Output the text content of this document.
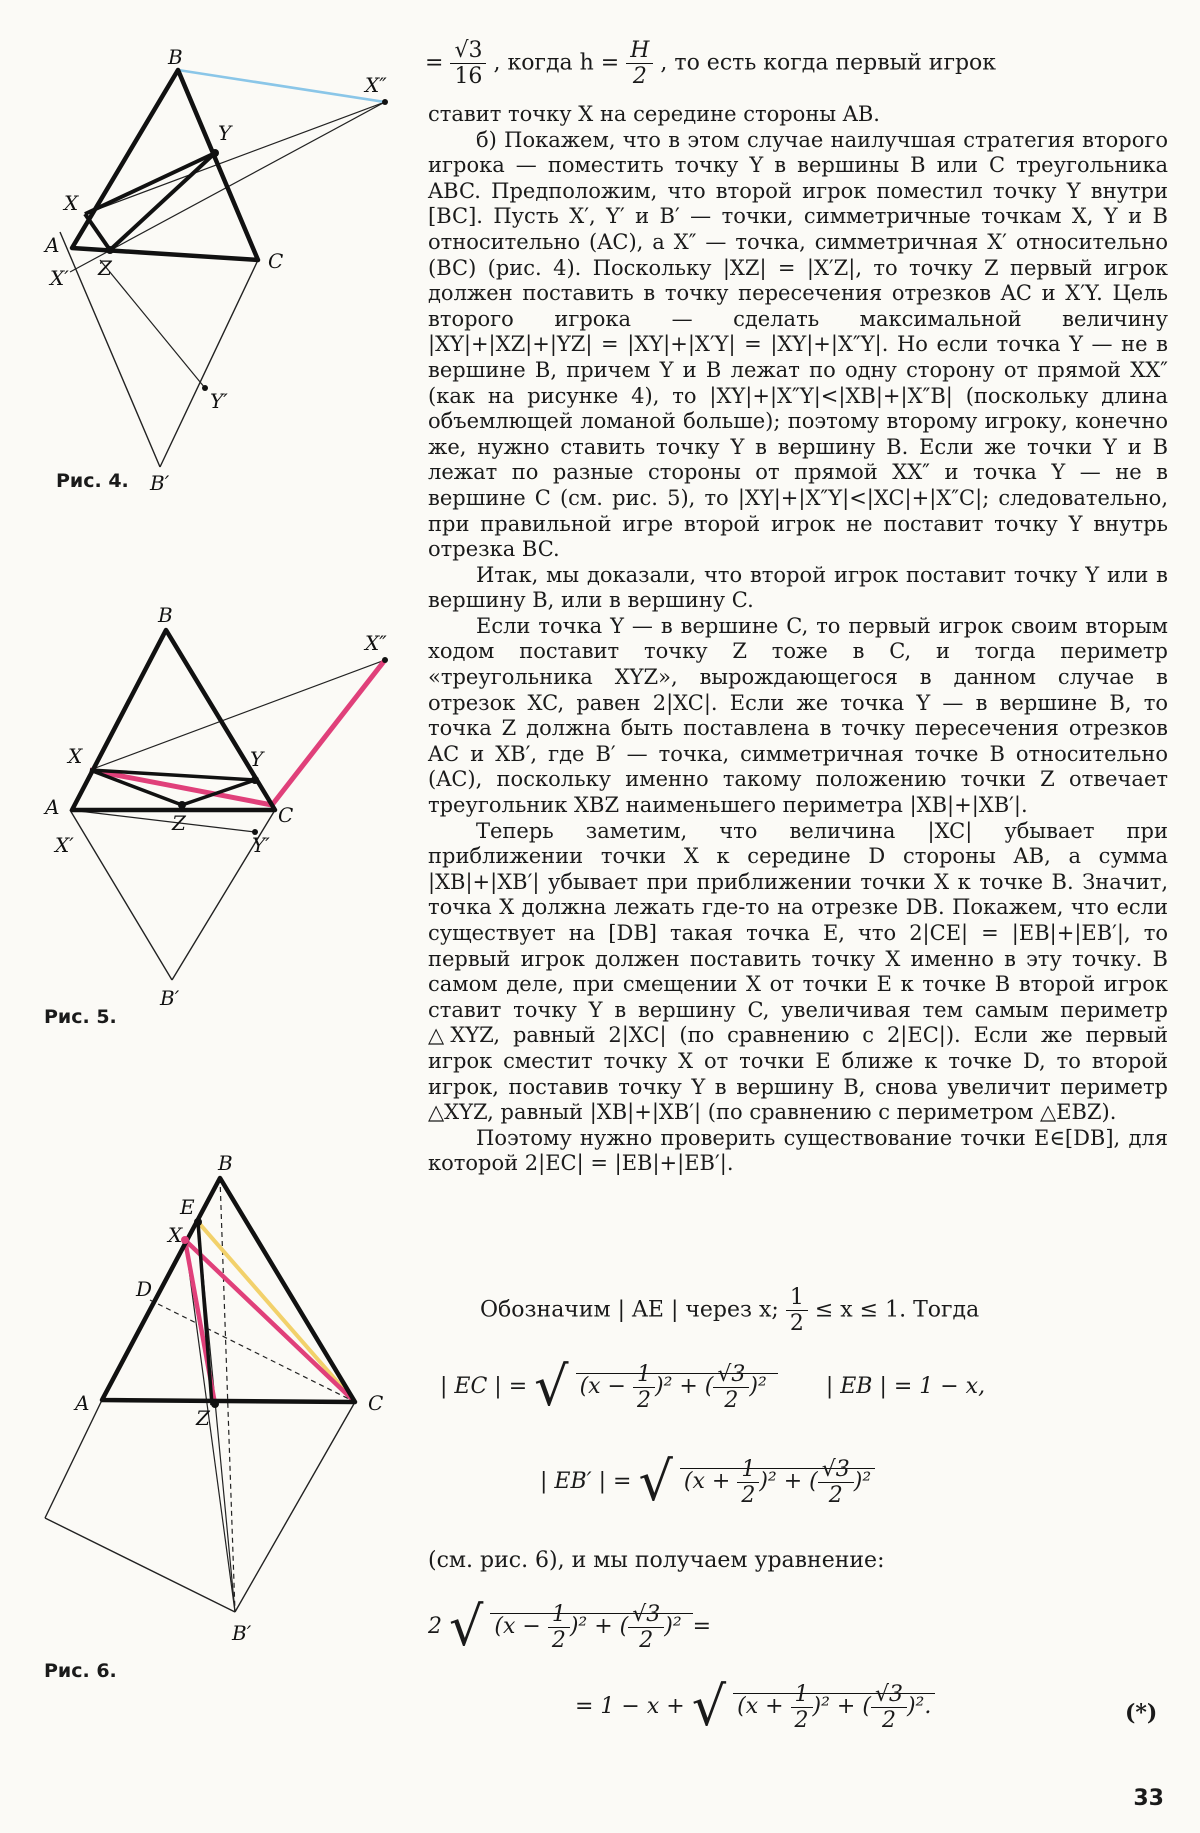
B
X″
Y
X
A
X′ Z	C
Y′
B′
Рис. 4.
B
X″
X	Y
A	C
Z
X′	Y′
B′
Рис. 5.
B
E
X
D
A	C
Z
B′
Рис. 6.
= $\frac{√3}{16}$ , когда $h = \frac{H}{2}$ , то есть когда первый игрок

ставит точку X на середине стороны AB.

б) Покажем, что в этом случае наилучшая стратегия второго игрока — поместить точку Y в вершины B или C треугольника ABC. Предположим, что второй игрок поместил точку Y внутри [BC]. Пусть X′, Y′ и B′ — точки, симметричные точкам X, Y и B относительно (AC), а X″ — точка, симметричная X′ относительно (BC) (рис. 4). Поскольку |XZ| = |X′Z|, то точку Z первый игрок должен поставить в точку пересечения отрезков AC и X′Y. Цель второго игрока — сделать максимальной величину |XY|+|XZ|+|YZ| = |XY|+|X′Y| = |XY|+|X″Y|. Но если точка Y — не в вершине B, причем Y и B лежат по одну сторону от прямой XX″ (как на рисунке 4), то |XY|+|X″Y|<|XB|+|X″B| (поскольку длина объемлющей ломаной больше); поэтому второму игроку, конечно же, нужно ставить точку Y в вершину B. Если же точки Y и B лежат по разные стороны от прямой XX″ и точка Y — не в вершине C (см. рис. 5), то |XY|+|X″Y|<|XC|+|X″C|; следовательно, при правильной игре второй игрок не поставит точку Y внутрь отрезка BC.

Итак, мы доказали, что второй игрок поставит точку Y или в вершину B, или в вершину C.

Если точка Y — в вершине C, то первый игрок своим вторым ходом поставит точку Z тоже в C, и тогда периметр «треугольника XYZ», вырождающегося в данном случае в отрезок XC, равен 2|XC|. Если же точка Y — в вершине B, то точка Z должна быть поставлена в точку пересечения отрезков AC и XB′, где B′ — точка, симметричная точке B относительно (AC), поскольку именно такому положению точки Z отвечает треугольник XBZ наименьшего периметра |XB|+|XB′|.

Теперь заметим, что величина |XC| убывает при приближении точки X к середине D стороны AB, а сумма |XB|+|XB′| убывает при приближении точки X к точке B. Значит, точка X должна лежать где-то на отрезке DB. Покажем, что если существует на [DB] такая точка E, что 2|CE| = |EB|+|EB′|, то первый игрок должен поставить точку X именно в эту точку. В самом деле, при смещении X от точки E к точке B второй игрок ставит точку Y в вершину C, увеличивая тем самым периметр △XYZ, равный 2|XC| (по сравнению с 2|EC|). Если же первый игрок сместит точку X от точки E ближе к точке D, то второй игрок, поставив точку Y в вершину B, снова увеличит периметр △XYZ, равный |XB|+|XB′| (по сравнению с периметром △EBZ).

Поэтому нужно проверить существование точки E∈[DB], для которой 2|EC| = |EB|+|EB′|.

Обозначим | AE | через x; $\frac{1}{2} \le x \le 1$. Тогда
| EC | = √ $(x - \frac{1}{2} )^2$ + ( $\frac{√3}{2} )^2$ | EB | = 1 − x,
| EB′ | = √ $(x + \frac{1}{2} )^2$ + ( $\frac{√3}{2} )^2$
(см. рис. 6), и мы получаем уравнение:
2 √ $(x - \frac{1}{2} )^2$ + ( $\frac{√3}{2} )^2$ =
= 1 − x + √ $(x + \frac{1}{2} )^2$ + ( $\frac{√3}{2} )^2$.	(*)
33
